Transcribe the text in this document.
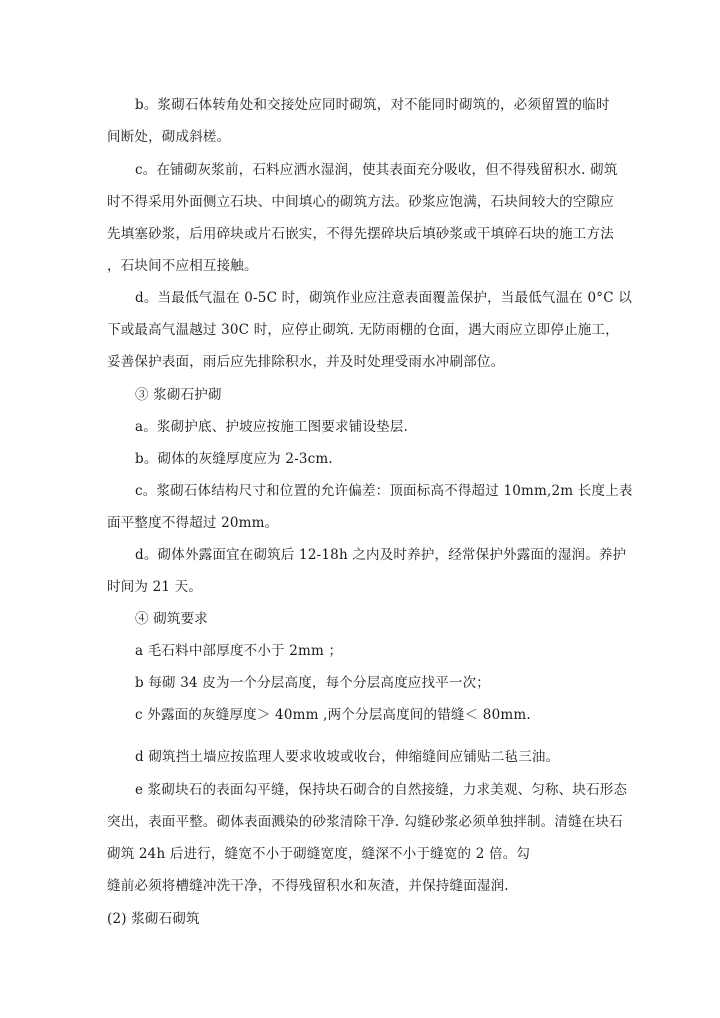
b。浆砌石体转角处和交接处应同时砌筑，对不能同时砌筑的，必须留置的临时
间断处，砌成斜槎。
c。在铺砌灰浆前，石料应洒水湿润，使其表面充分吸收，但不得残留积水. 砌筑
时不得采用外面侧立石块、中间填心的砌筑方法。砂浆应饱满，石块间较大的空隙应
先填塞砂浆，后用碎块或片石嵌实，不得先摆碎块后填砂浆或干填碎石块的施工方法
，石块间不应相互接触。
d。当最低气温在 0-5C 时，砌筑作业应注意表面覆盖保护，当最低气温在 0°C 以
下或最高气温越过 30C 时，应停止砌筑. 无防雨棚的仓面，遇大雨应立即停止施工，
妥善保护表面，雨后应先排除积水，并及时处理受雨水冲刷部位。
③ 浆砌石护砌
a。浆砌护底、护坡应按施工图要求铺设垫层.
b。砌体的灰缝厚度应为 2-3cm.
c。浆砌石体结构尺寸和位置的允许偏差：顶面标高不得超过 10mm,2m 长度上表
面平整度不得超过 20mm。
d。砌体外露面宜在砌筑后 12-18h 之内及时养护，经常保护外露面的湿润。养护
时间为 21 天。
④ 砌筑要求
a 毛石料中部厚度不小于 2mm ；
b 每砌 34 皮为一个分层高度，每个分层高度应找平一次；
c 外露面的灰缝厚度＞ 40mm ,两个分层高度间的错缝＜ 80mm.
d 砌筑挡土墙应按监理人要求收坡或收台，伸缩缝间应铺贴二毡三油。
e 浆砌块石的表面勾平缝，保持块石砌合的自然接缝，力求美观、匀称、块石形态
突出，表面平整。砌体表面溅染的砂浆清除干净. 勾缝砂浆必须单独拌制。清缝在块石
砌筑 24h 后进行，缝宽不小于砌缝宽度，缝深不小于缝宽的 2 倍。勾
缝前必须将槽缝冲洗干净，不得残留积水和灰渣，并保持缝面湿润.
(2) 浆砌石砌筑
